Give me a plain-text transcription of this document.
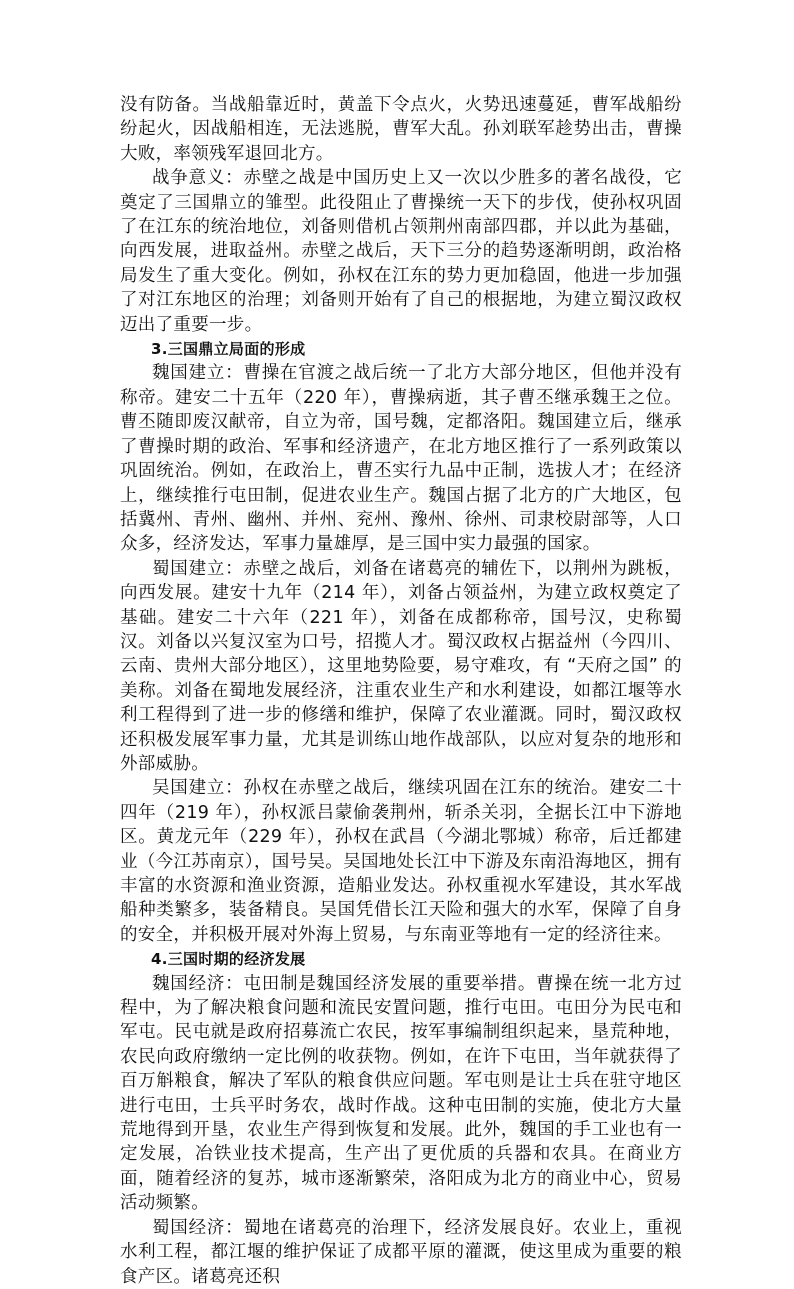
没有防备。当战船靠近时，黄盖下令点火，火势迅速蔓延，曹军战船纷纷起火，因战船相连，无法逃脱，曹军大乱。孙刘联军趁势出击，曹操大败，率领残军退回北方。

战争意义：赤壁之战是中国历史上又一次以少胜多的著名战役，它奠定了三国鼎立的雏型。此役阻止了曹操统一天下的步伐，使孙权巩固了在江东的统治地位，刘备则借机占领荆州南部四郡，并以此为基础，向西发展，进取益州。赤壁之战后，天下三分的趋势逐渐明朗，政治格局发生了重大变化。例如，孙权在江东的势力更加稳固，他进一步加强了对江东地区的治理；刘备则开始有了自己的根据地，为建立蜀汉政权迈出了重要一步。

3.三国鼎立局面的形成

魏国建立：曹操在官渡之战后统一了北方大部分地区，但他并没有称帝。建安二十五年（220 年），曹操病逝，其子曹丕继承魏王之位。曹丕随即废汉献帝，自立为帝，国号魏，定都洛阳。魏国建立后，继承了曹操时期的政治、军事和经济遗产，在北方地区推行了一系列政策以巩固统治。例如，在政治上，曹丕实行九品中正制，选拔人才；在经济上，继续推行屯田制，促进农业生产。魏国占据了北方的广大地区，包括冀州、青州、幽州、并州、兖州、豫州、徐州、司隶校尉部等，人口众多，经济发达，军事力量雄厚，是三国中实力最强的国家。

蜀国建立：赤壁之战后，刘备在诸葛亮的辅佐下，以荆州为跳板，向西发展。建安十九年（214 年），刘备占领益州，为建立政权奠定了基础。建安二十六年（221 年），刘备在成都称帝，国号汉，史称蜀汉。刘备以兴复汉室为口号，招揽人才。蜀汉政权占据益州（今四川、云南、贵州大部分地区），这里地势险要，易守难攻，有 “天府之国” 的美称。刘备在蜀地发展经济，注重农业生产和水利建设，如都江堰等水利工程得到了进一步的修缮和维护，保障了农业灌溉。同时，蜀汉政权还积极发展军事力量，尤其是训练山地作战部队，以应对复杂的地形和外部威胁。

吴国建立：孙权在赤壁之战后，继续巩固在江东的统治。建安二十四年（219 年），孙权派吕蒙偷袭荆州，斩杀关羽，全据长江中下游地区。黄龙元年（229 年），孙权在武昌（今湖北鄂城）称帝，后迁都建业（今江苏南京），国号吴。吴国地处长江中下游及东南沿海地区，拥有丰富的水资源和渔业资源，造船业发达。孙权重视水军建设，其水军战船种类繁多，装备精良。吴国凭借长江天险和强大的水军，保障了自身的安全，并积极开展对外海上贸易，与东南亚等地有一定的经济往来。

4.三国时期的经济发展

魏国经济：屯田制是魏国经济发展的重要举措。曹操在统一北方过程中，为了解决粮食问题和流民安置问题，推行屯田。屯田分为民屯和军屯。民屯就是政府招募流亡农民，按军事编制组织起来，垦荒种地，农民向政府缴纳一定比例的收获物。例如，在许下屯田，当年就获得了百万斛粮食，解决了军队的粮食供应问题。军屯则是让士兵在驻守地区进行屯田，士兵平时务农，战时作战。这种屯田制的实施，使北方大量荒地得到开垦，农业生产得到恢复和发展。此外，魏国的手工业也有一定发展，冶铁业技术提高，生产出了更优质的兵器和农具。在商业方面，随着经济的复苏，城市逐渐繁荣，洛阳成为北方的商业中心，贸易活动频繁。

蜀国经济：蜀地在诸葛亮的治理下，经济发展良好。农业上，重视水利工程，都江堰的维护保证了成都平原的灌溉，使这里成为重要的粮食产区。诸葛亮还积
